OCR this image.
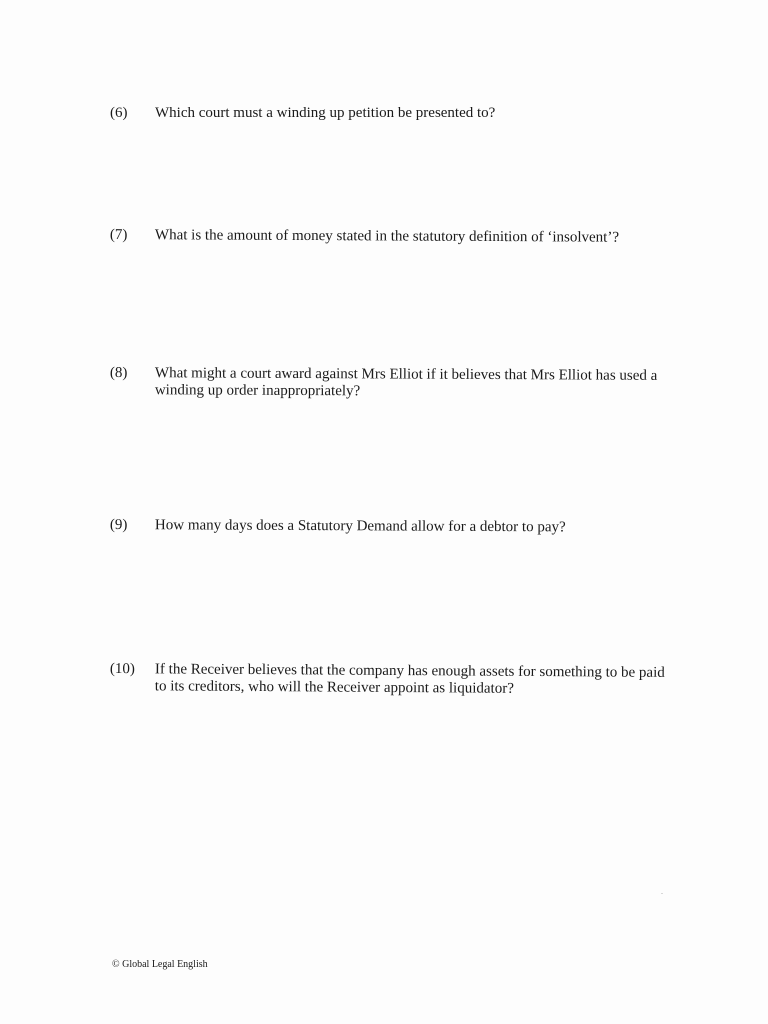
(6)	Which court must a winding up petition be presented to?
(7)	What is the amount of money stated in the statutory definition of ‘insolvent’?
(8)	What might a court award against Mrs Elliot if it believes that Mrs Elliot has used a winding up order inappropriately?
(9)	How many days does a Statutory Demand allow for a debtor to pay?
(10)	If the Receiver believes that the company has enough assets for something to be paid to its creditors, who will the Receiver appoint as liquidator?
© Global Legal English
